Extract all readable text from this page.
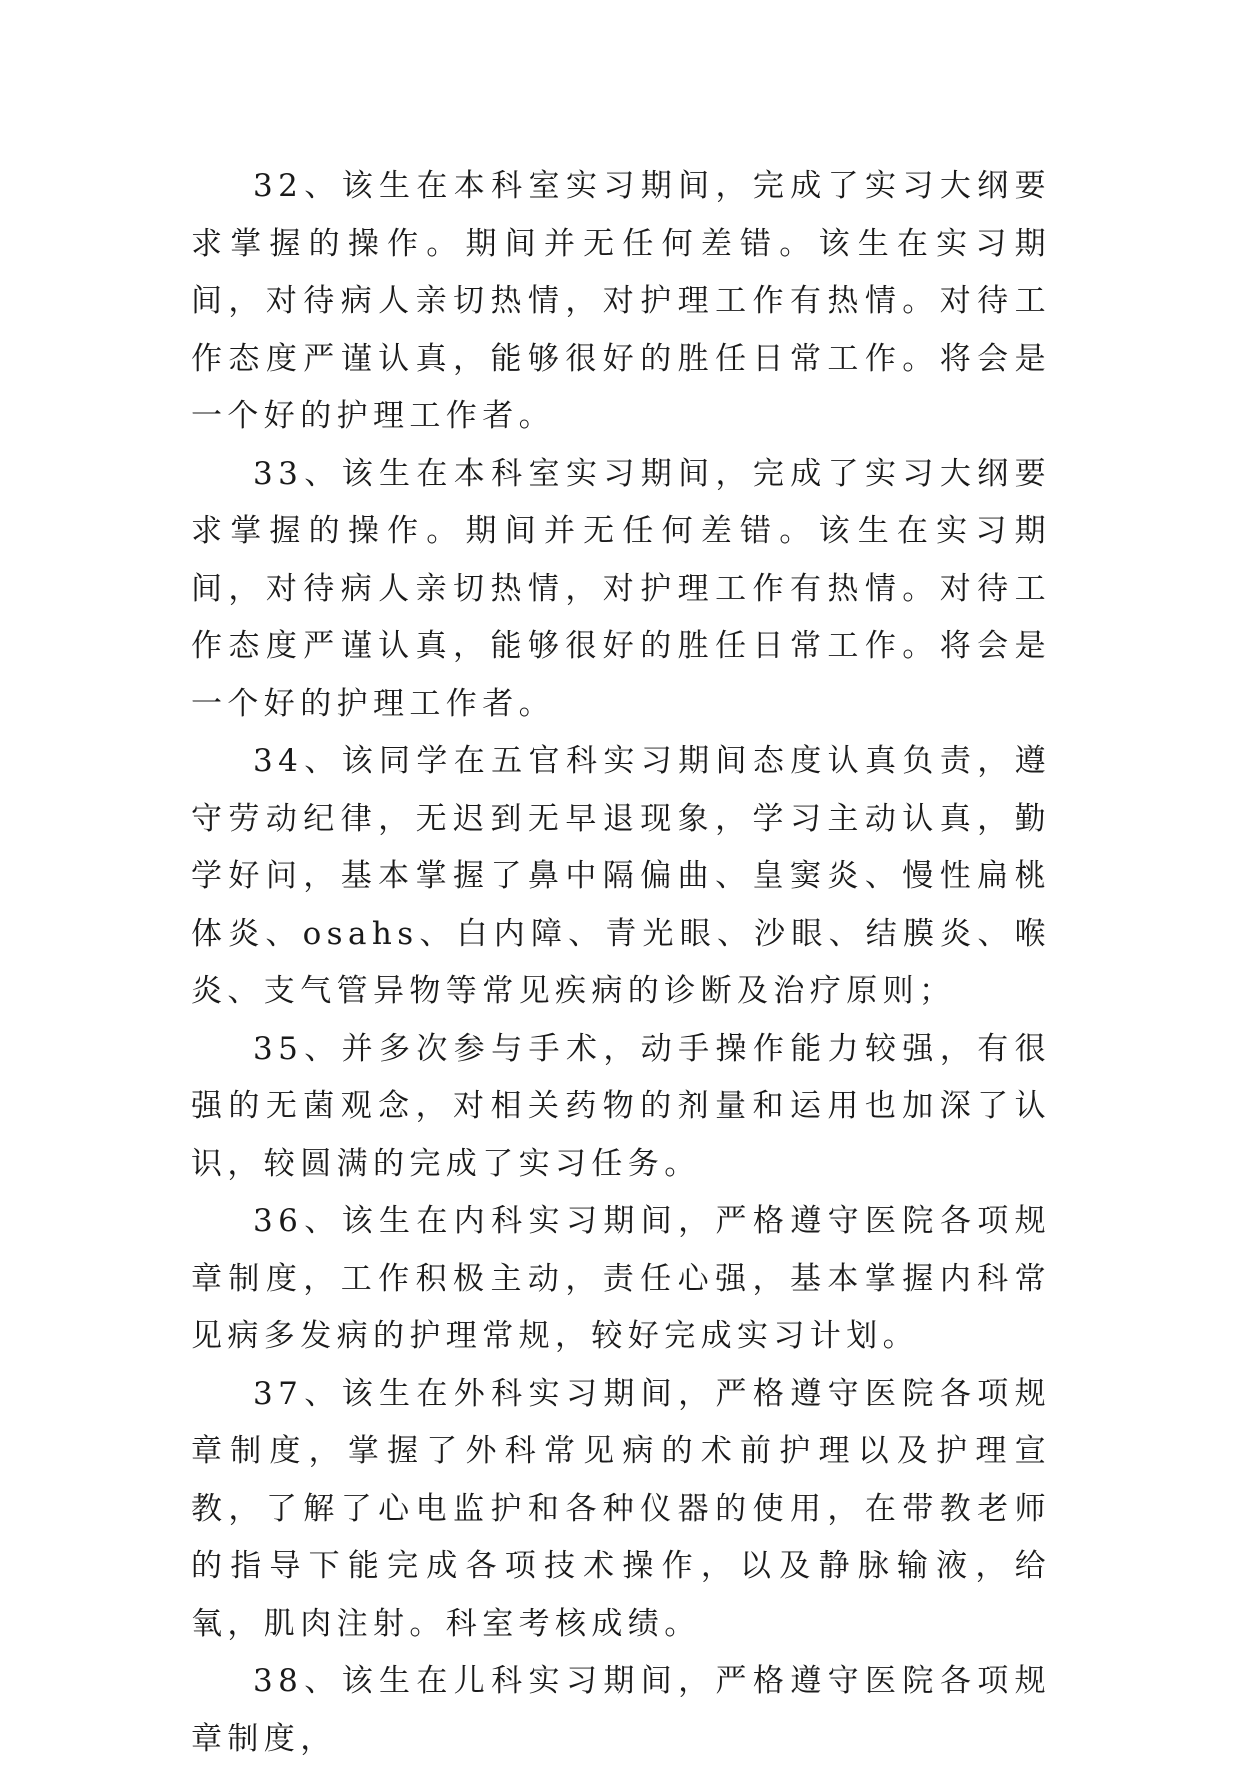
32、该生在本科室实习期间，完成了实习大纲要求掌握的操作。期间并无任何差错。该生在实习期间，对待病人亲切热情，对护理工作有热情。对待工作态度严谨认真，能够很好的胜任日常工作。将会是一个好的护理工作者。

33、该生在本科室实习期间，完成了实习大纲要求掌握的操作。期间并无任何差错。该生在实习期间，对待病人亲切热情，对护理工作有热情。对待工作态度严谨认真，能够很好的胜任日常工作。将会是一个好的护理工作者。

34、该同学在五官科实习期间态度认真负责，遵守劳动纪律，无迟到无早退现象，学习主动认真，勤学好问，基本掌握了鼻中隔偏曲、皇窦炎、慢性扁桃体炎、osahs、白内障、青光眼、沙眼、结膜炎、喉炎、支气管异物等常见疾病的诊断及治疗原则；

35、并多次参与手术，动手操作能力较强，有很强的无菌观念，对相关药物的剂量和运用也加深了认识，较圆满的完成了实习任务。

36、该生在内科实习期间，严格遵守医院各项规章制度，工作积极主动，责任心强，基本掌握内科常见病多发病的护理常规，较好完成实习计划。

37、该生在外科实习期间，严格遵守医院各项规章制度，掌握了外科常见病的术前护理以及护理宣教，了解了心电监护和各种仪器的使用，在带教老师的指导下能完成各项技术操作，以及静脉输液，给氧，肌肉注射。科室考核成绩。

38、该生在儿科实习期间，严格遵守医院各项规章制度，
